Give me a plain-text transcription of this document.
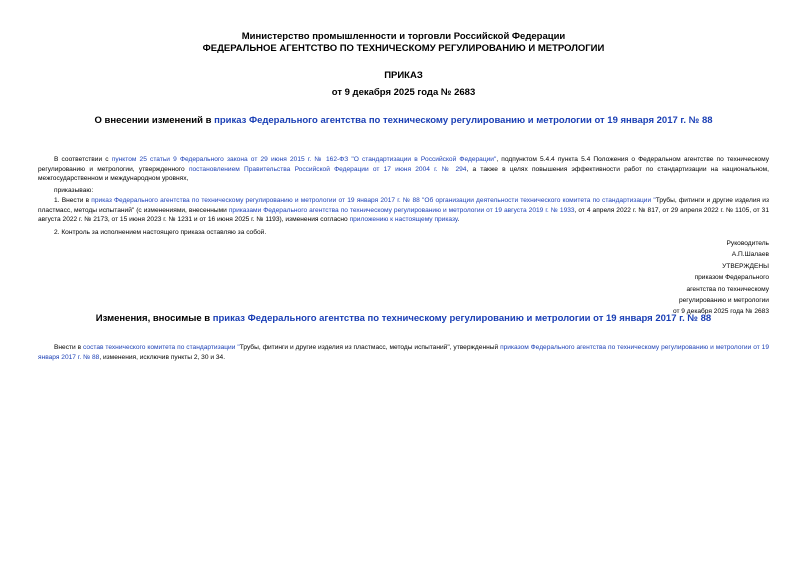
Министерство промышленности и торговли Российской Федерации
ФЕДЕРАЛЬНОЕ АГЕНТСТВО ПО ТЕХНИЧЕСКОМУ РЕГУЛИРОВАНИЮ И МЕТРОЛОГИИ
ПРИКАЗ
от 9 декабря 2025 года № 2683
О внесении изменений в приказ Федерального агентства по техническому регулированию и метрологии от 19 января 2017 г. № 88
В соответствии с пунктом 25 статьи 9 Федерального закона от 29 июня 2015 г. № 162-ФЗ "О стандартизации в Российской Федерации", подпунктом 5.4.4 пункта 5.4 Положения о Федеральном агентстве по техническому регулированию и метрологии, утвержденного постановлением Правительства Российской Федерации от 17 июня 2004 г. № 294, а также в целях повышения эффективности работ по стандартизации на национальном, межгосударственном и международном уровнях,
приказываю:
1. Внести в приказ Федерального агентства по техническому регулированию и метрологии от 19 января 2017 г. № 88 "Об организации деятельности технического комитета по стандартизации "Трубы, фитинги и другие изделия из пластмасс, методы испытаний" (с изменениями, внесенными приказами Федерального агентства по техническому регулированию и метрологии от 19 августа 2019 г. № 1933, от 4 апреля 2022 г. № 817, от 29 апреля 2022 г. № 1105, от 31 августа 2022 г. № 2173, от 15 июня 2023 г. № 1231 и от 16 июня 2025 г. № 1193), изменения согласно приложению к настоящему приказу.
2. Контроль за исполнением настоящего приказа оставляю за собой.
Руководитель
А.П.Шалаев
УТВЕРЖДЕНЫ
приказом Федерального
агентства по техническому
регулированию и метрологии
от 9 декабря 2025 года № 2683
Изменения, вносимые в приказ Федерального агентства по техническому регулированию и метрологии от 19 января 2017 г. № 88
Внести в состав технического комитета по стандартизации "Трубы, фитинги и другие изделия из пластмасс, методы испытаний", утвержденный приказом Федерального агентства по техническому регулированию и метрологии от 19 января 2017 г. № 88, изменения, исключив пункты 2, 30 и 34.
